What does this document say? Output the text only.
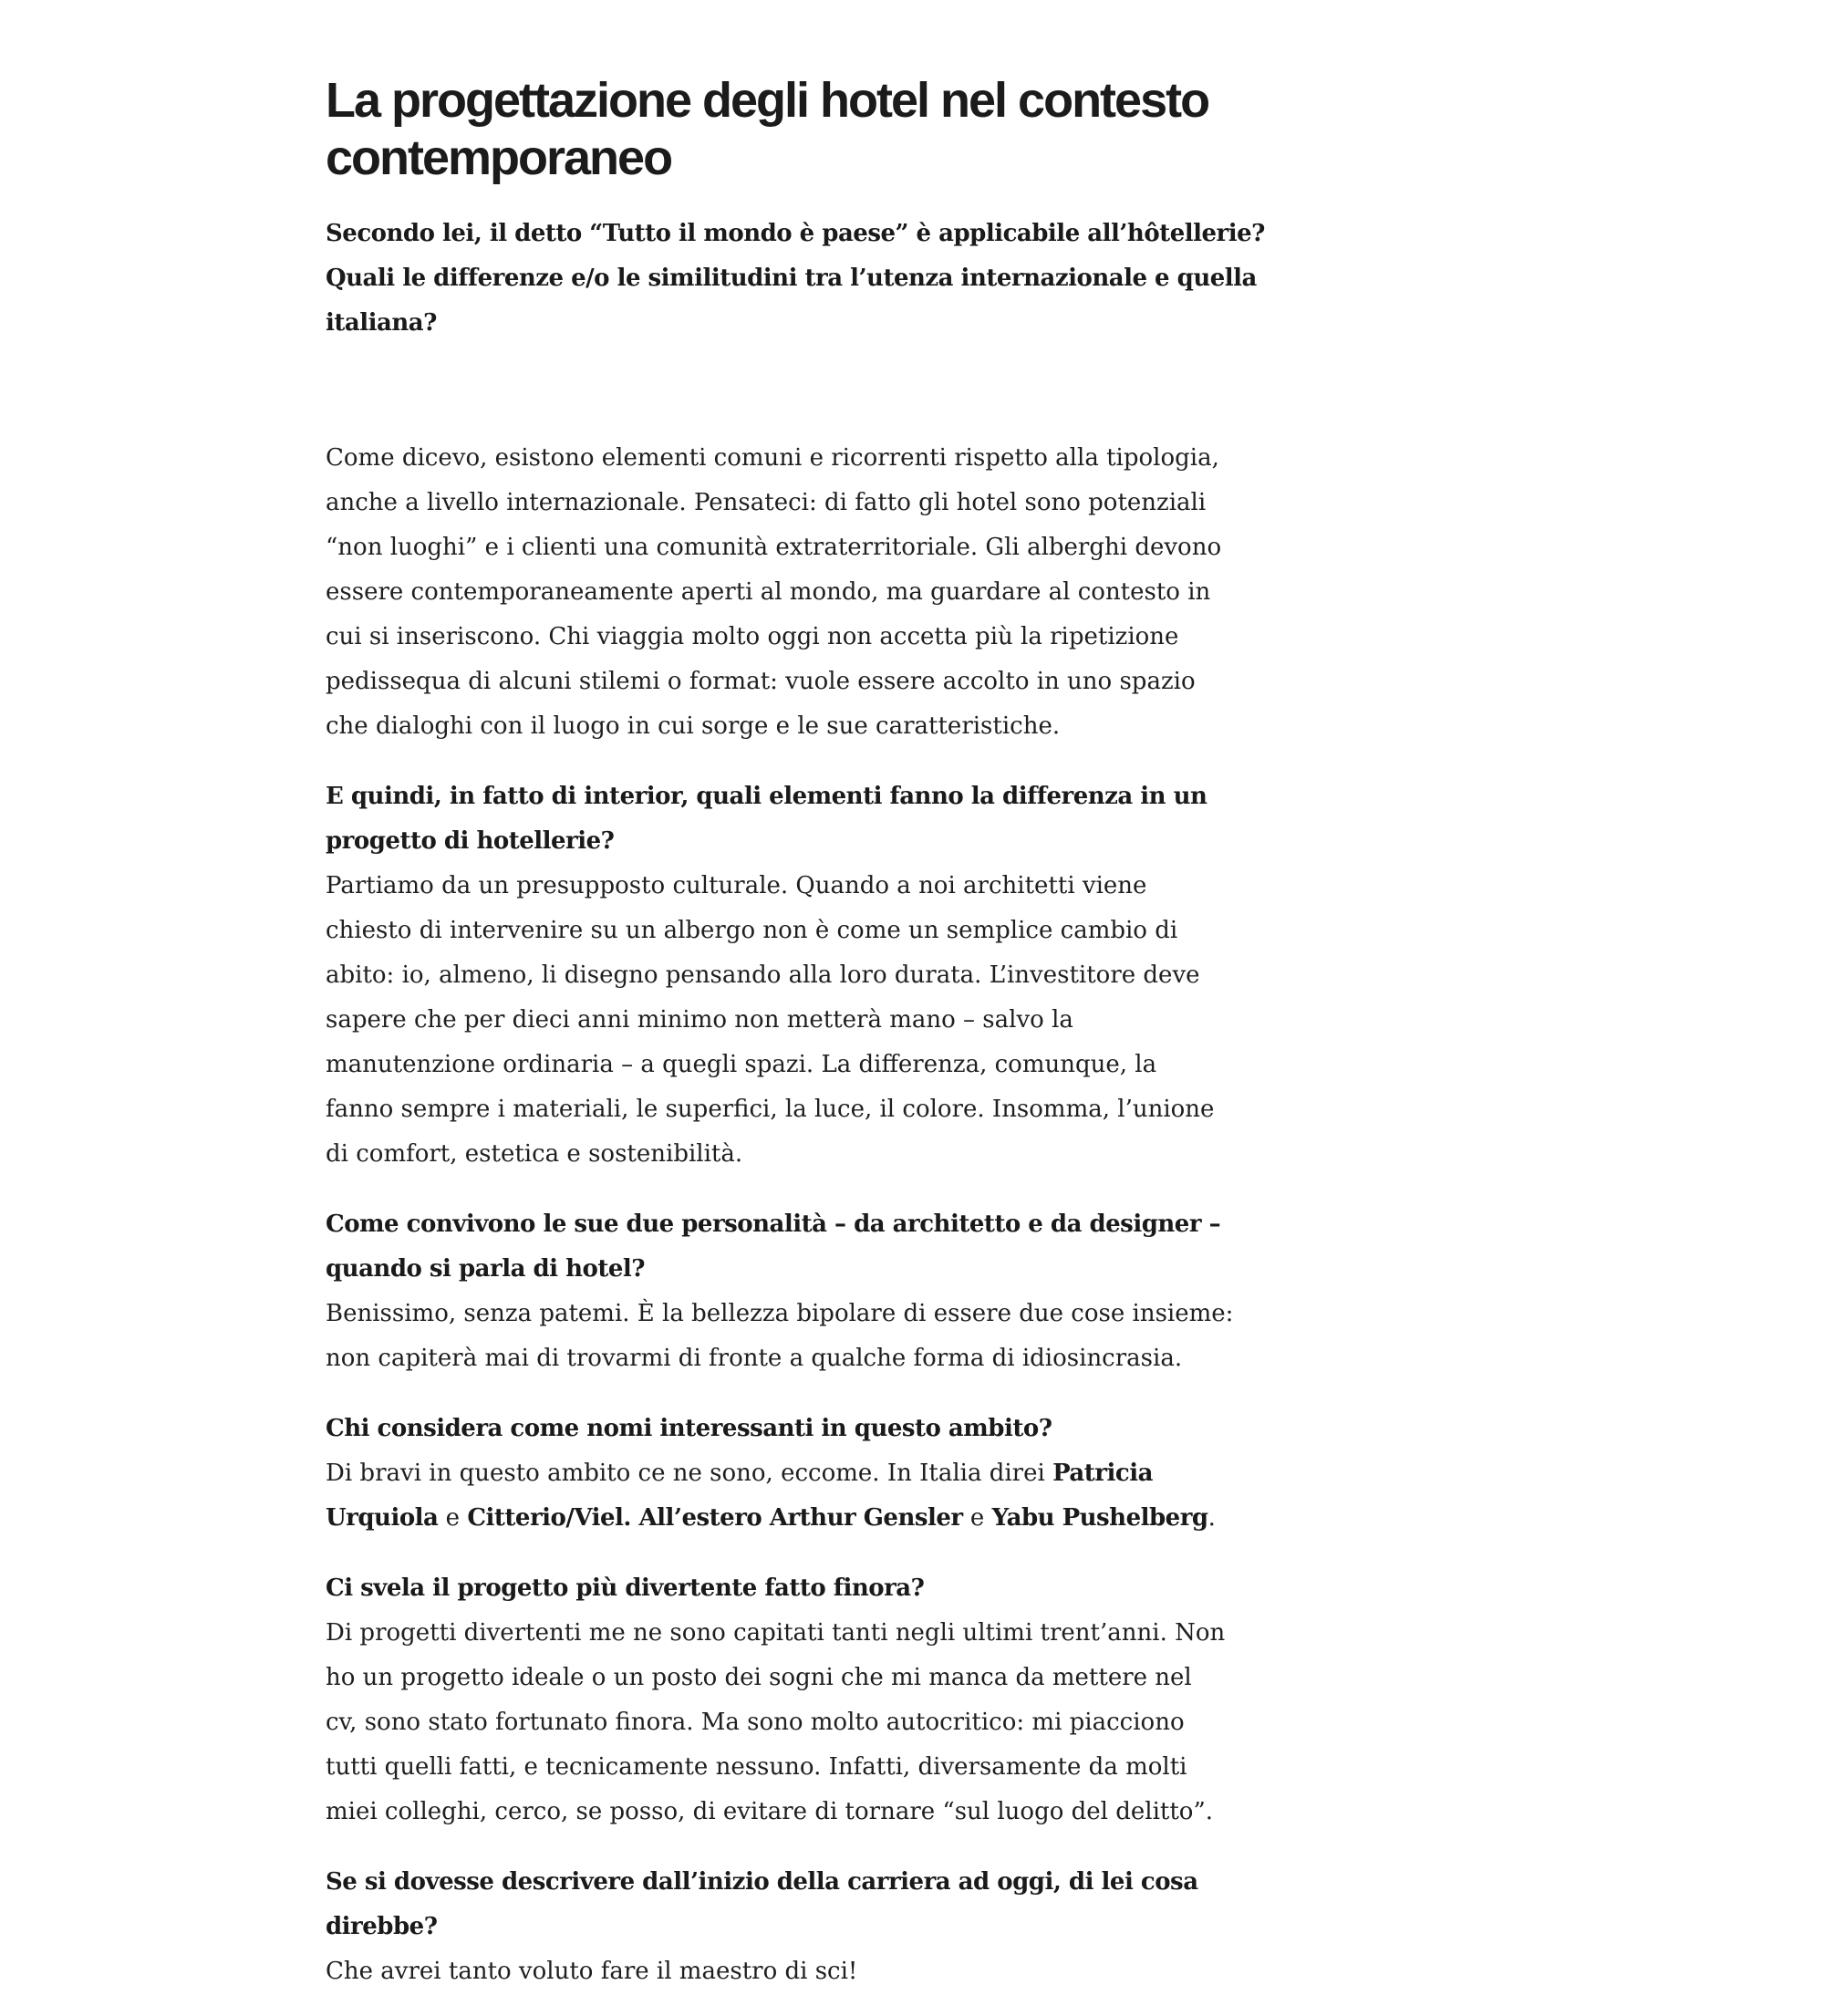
La progettazione degli hotel nel contesto
contemporaneo

Secondo lei, il detto “Tutto il mondo è paese” è applicabile all’hôtellerie?
Quali le differenze e/o le similitudini tra l’utenza internazionale e quella
italiana?

Come dicevo, esistono elementi comuni e ricorrenti rispetto alla tipologia,
anche a livello internazionale. Pensateci: di fatto gli hotel sono potenziali
“non luoghi” e i clienti una comunità extraterritoriale. Gli alberghi devono
essere contemporaneamente aperti al mondo, ma guardare al contesto in
cui si inseriscono. Chi viaggia molto oggi non accetta più la ripetizione
pedissequa di alcuni stilemi o format: vuole essere accolto in uno spazio
che dialoghi con il luogo in cui sorge e le sue caratteristiche.

E quindi, in fatto di interior, quali elementi fanno la differenza in un
progetto di hotellerie?
Partiamo da un presupposto culturale. Quando a noi architetti viene
chiesto di intervenire su un albergo non è come un semplice cambio di
abito: io, almeno, li disegno pensando alla loro durata. L’investitore deve
sapere che per dieci anni minimo non metterà mano – salvo la
manutenzione ordinaria – a quegli spazi. La differenza, comunque, la
fanno sempre i materiali, le superfici, la luce, il colore. Insomma, l’unione
di comfort, estetica e sostenibilità.

Come convivono le sue due personalità – da architetto e da designer –
quando si parla di hotel?
Benissimo, senza patemi. È la bellezza bipolare di essere due cose insieme:
non capiterà mai di trovarmi di fronte a qualche forma di idiosincrasia.

Chi considera come nomi interessanti in questo ambito?
Di bravi in questo ambito ce ne sono, eccome. In Italia direi Patricia
Urquiola e Citterio/Viel. All’estero Arthur Gensler e Yabu Pushelberg.

Ci svela il progetto più divertente fatto finora?
Di progetti divertenti me ne sono capitati tanti negli ultimi trent’anni. Non
ho un progetto ideale o un posto dei sogni che mi manca da mettere nel
cv, sono stato fortunato finora. Ma sono molto autocritico: mi piacciono
tutti quelli fatti, e tecnicamente nessuno. Infatti, diversamente da molti
miei colleghi, cerco, se posso, di evitare di tornare “sul luogo del delitto”.

Se si dovesse descrivere dall’inizio della carriera ad oggi, di lei cosa
direbbe?
Che avrei tanto voluto fare il maestro di sci!
